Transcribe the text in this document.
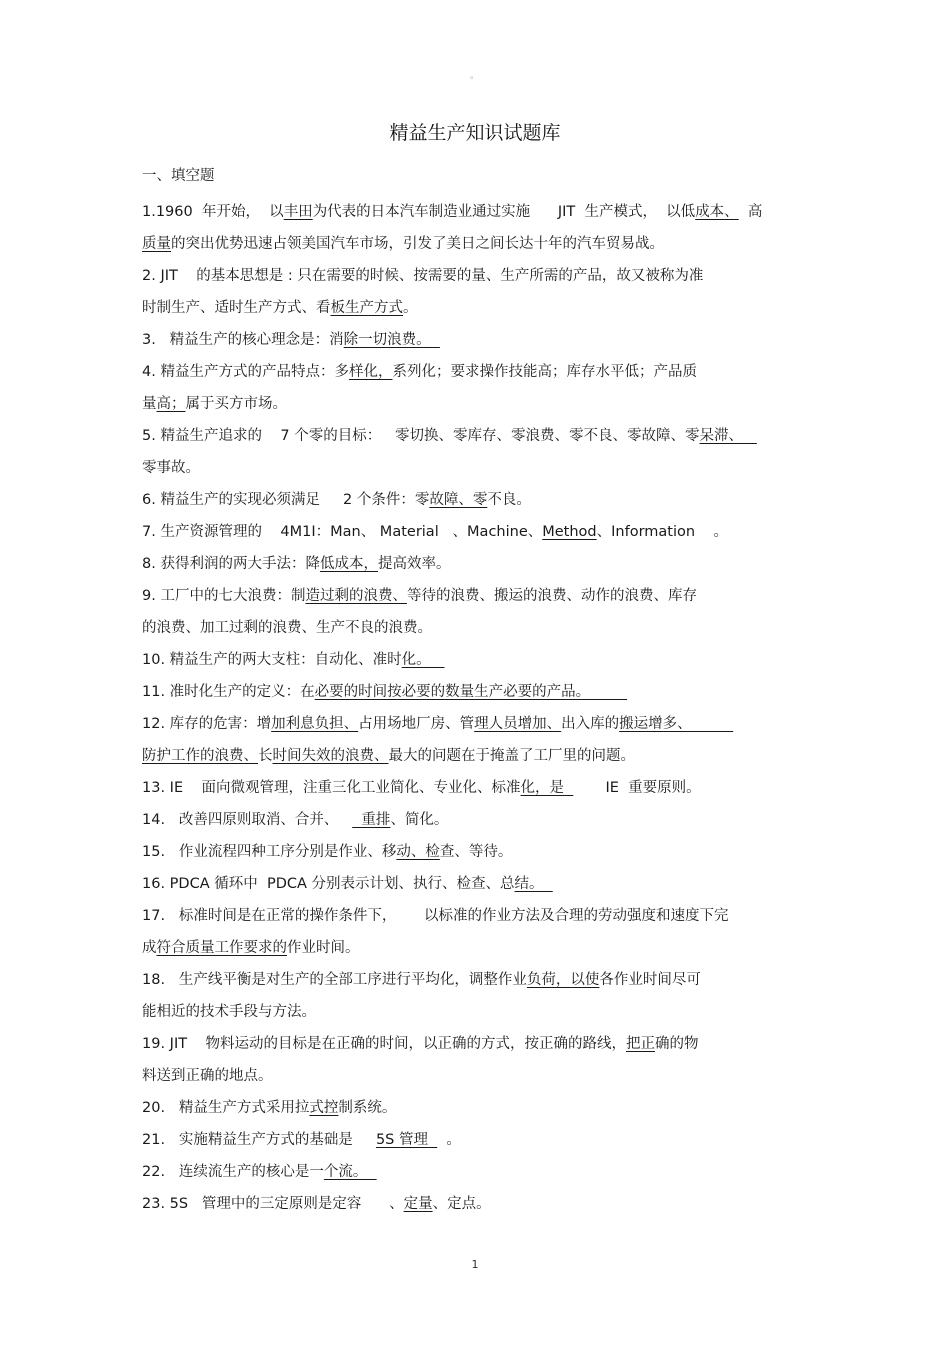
。
精益生产知识试题库
一、填空题
1.1960  年开始，  以丰田为代表的日本汽车制造业通过实施      JIT  生产模式，  以低成本、  高
质量的突出优势迅速占领美国汽车市场，引发了美日之间长达十年的汽车贸易战。
2. JIT    的基本思想是 : 只在需要的时候、按需要的量、生产所需的产品，故又被称为准
时制生产、适时生产方式、看板生产方式。
3.   精益生产的核心理念是：消除一切浪费。
4. 精益生产方式的产品特点：多样化，系列化；要求操作技能高；库存水平低；产品质
量高；属于买方市场。
5. 精益生产追求的    7 个零的目标：   零切换、零库存、零浪费、零不良、零故障、零呆滞、
零事故。
6. 精益生产的实现必须满足     2 个条件：零故障、零不良。
7. 生产资源管理的    4M1I：Man、 Material   、Machine、Method、Information    。
8. 获得利润的两大手法：降低成本，提高效率。
9. 工厂中的七大浪费：制造过剩的浪费、等待的浪费、搬运的浪费、动作的浪费、库存
的浪费、加工过剩的浪费、生产不良的浪费。
10. 精益生产的两大支柱：自动化、准时化。
11. 准时化生产的定义：在必要的时间按必要的数量生产必要的产品。
12. 库存的危害：增加利息负担、占用场地厂房、管理人员增加、出入库的搬运增多、
防护工作的浪费、长时间失效的浪费、最大的问题在于掩盖了工厂里的问题。
13. IE    面向微观管理，注重三化工业简化、专业化、标准化，是         IE  重要原则。
14.   改善四原则取消、合并、     重排、简化。
15.   作业流程四种工序分别是作业、移动、检查、等待。
16. PDCA 循环中  PDCA 分别表示计划、执行、检查、总结。
17.   标准时间是在正常的操作条件下，      以标准的作业方法及合理的劳动强度和速度下完
成符合质量工作要求的作业时间。
18.   生产线平衡是对生产的全部工序进行平均化，调整作业负荷，以使各作业时间尽可
能相近的技术手段与方法。
19. JIT    物料运动的目标是在正确的时间，以正确的方式，按正确的路线，把正确的物
料送到正确的地点。
20.   精益生产方式采用拉式控制系统。
21.   实施精益生产方式的基础是     5S 管理    。
22.   连续流生产的核心是一个流。
23. 5S   管理中的三定原则是定容      、定量、定点。
1
